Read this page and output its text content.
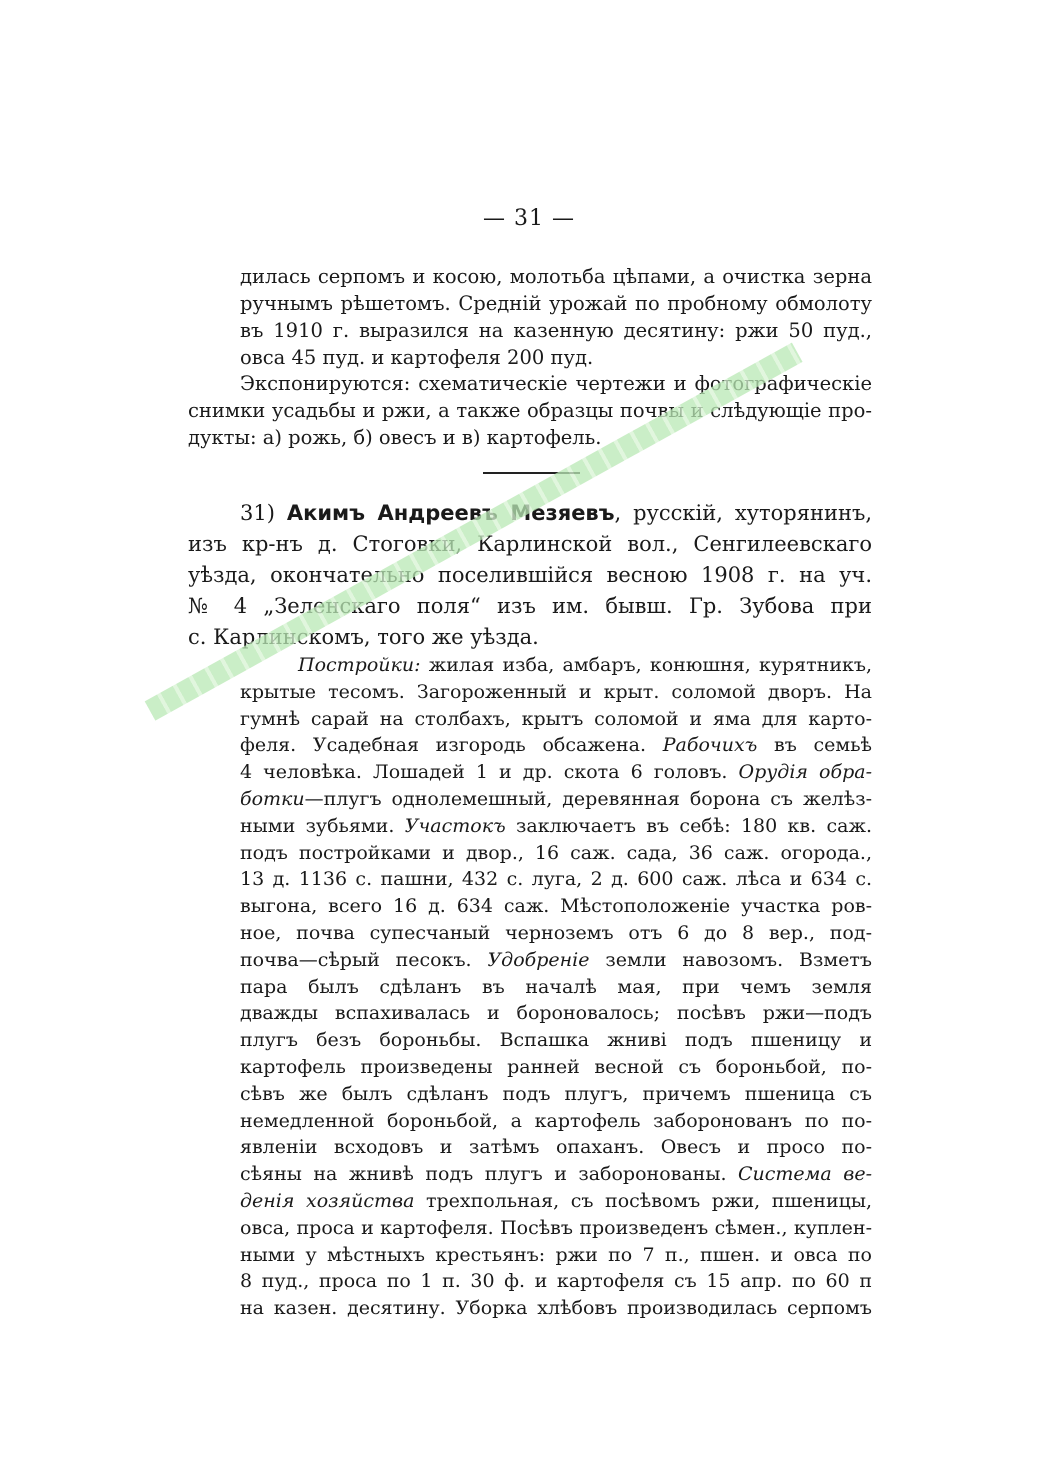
— 31 —
дилась серпомъ и косою, молотьба цѣпами, а очистка зерна
ручнымъ рѣшетомъ. Среднiй урожай по пробному обмолоту
въ 1910 г. выразился на казенную десятину: ржи 50 пуд.,
овса 45 пуд. и картофеля 200 пуд.
Экспонируются: схематическiе чертежи и фотографическiе
снимки усадьбы и ржи, а также образцы почвы и слѣдующiе про-
дукты: а) рожь, б) овесъ и в) картофель.
31) Акимъ Андреевъ Мезяевъ, русскiй, хуторянинъ,
изъ кр-нъ д. Стоговки, Карлинской вол., Сенгилеевскаго
уѣзда, окончательно поселившiйся весною 1908 г. на уч.
№ 4 „Зеленскаго поля“ изъ им. бывш. Гр. Зубова при
с. Карлинскомъ, того же уѣзда.
Постройки: жилая изба, амбаръ, конюшня, курятникъ,
крытые тесомъ. Загороженный и крыт. соломой дворъ. На
гумнѣ сарай на столбахъ, крытъ соломой и яма для карто-
феля. Усадебная изгородь обсажена. Рабочихъ въ семьѣ
4 человѣка. Лошадей 1 и др. скота 6 головъ. Орудiя обра-
ботки—плугъ однолемешный, деревянная борона съ желѣз-
ными зубьями. Участокъ заключаетъ въ себѣ: 180 кв. саж.
подъ постройками и двор., 16 саж. сада, 36 саж. огорода.,
13 д. 1136 с. пашни, 432 с. луга, 2 д. 600 саж. лѣса и 634 с.
выгона, всего 16 д. 634 саж. Мѣстоположенiе участка ров-
ное, почва супесчаный черноземъ отъ 6 до 8 вер., под-
почва—сѣрый песокъ. Удобренiе земли навозомъ. Взметъ
пара былъ сдѣланъ въ началѣ мая, при чемъ земля
дважды вспахивалась и бороновалось; посѣвъ ржи—подъ
плугъ безъ бороньбы. Вспашка жниві подъ пшеницу и
картофель произведены ранней весной съ бороньбой, по-
сѣвъ же былъ сдѣланъ подъ плугъ, причемъ пшеница съ
немедленной бороньбой, а картофель заборонованъ по по-
явленiи всходовъ и затѣмъ опаханъ. Овесъ и просо по-
сѣяны на жнивѣ подъ плугъ и заборонованы. Система ве-
денiя хозяйства трехпольная, съ посѣвомъ ржи, пшеницы,
овса, проса и картофеля. Посѣвъ произведенъ сѣмен., куплен-
ными у мѣстныхъ крестьянъ: ржи по 7 п., пшен. и овса по
8 пуд., проса по 1 п. 30 ф. и картофеля съ 15 апр. по 60 п
на казен. десятину. Уборка хлѣбовъ производилась серпомъ
